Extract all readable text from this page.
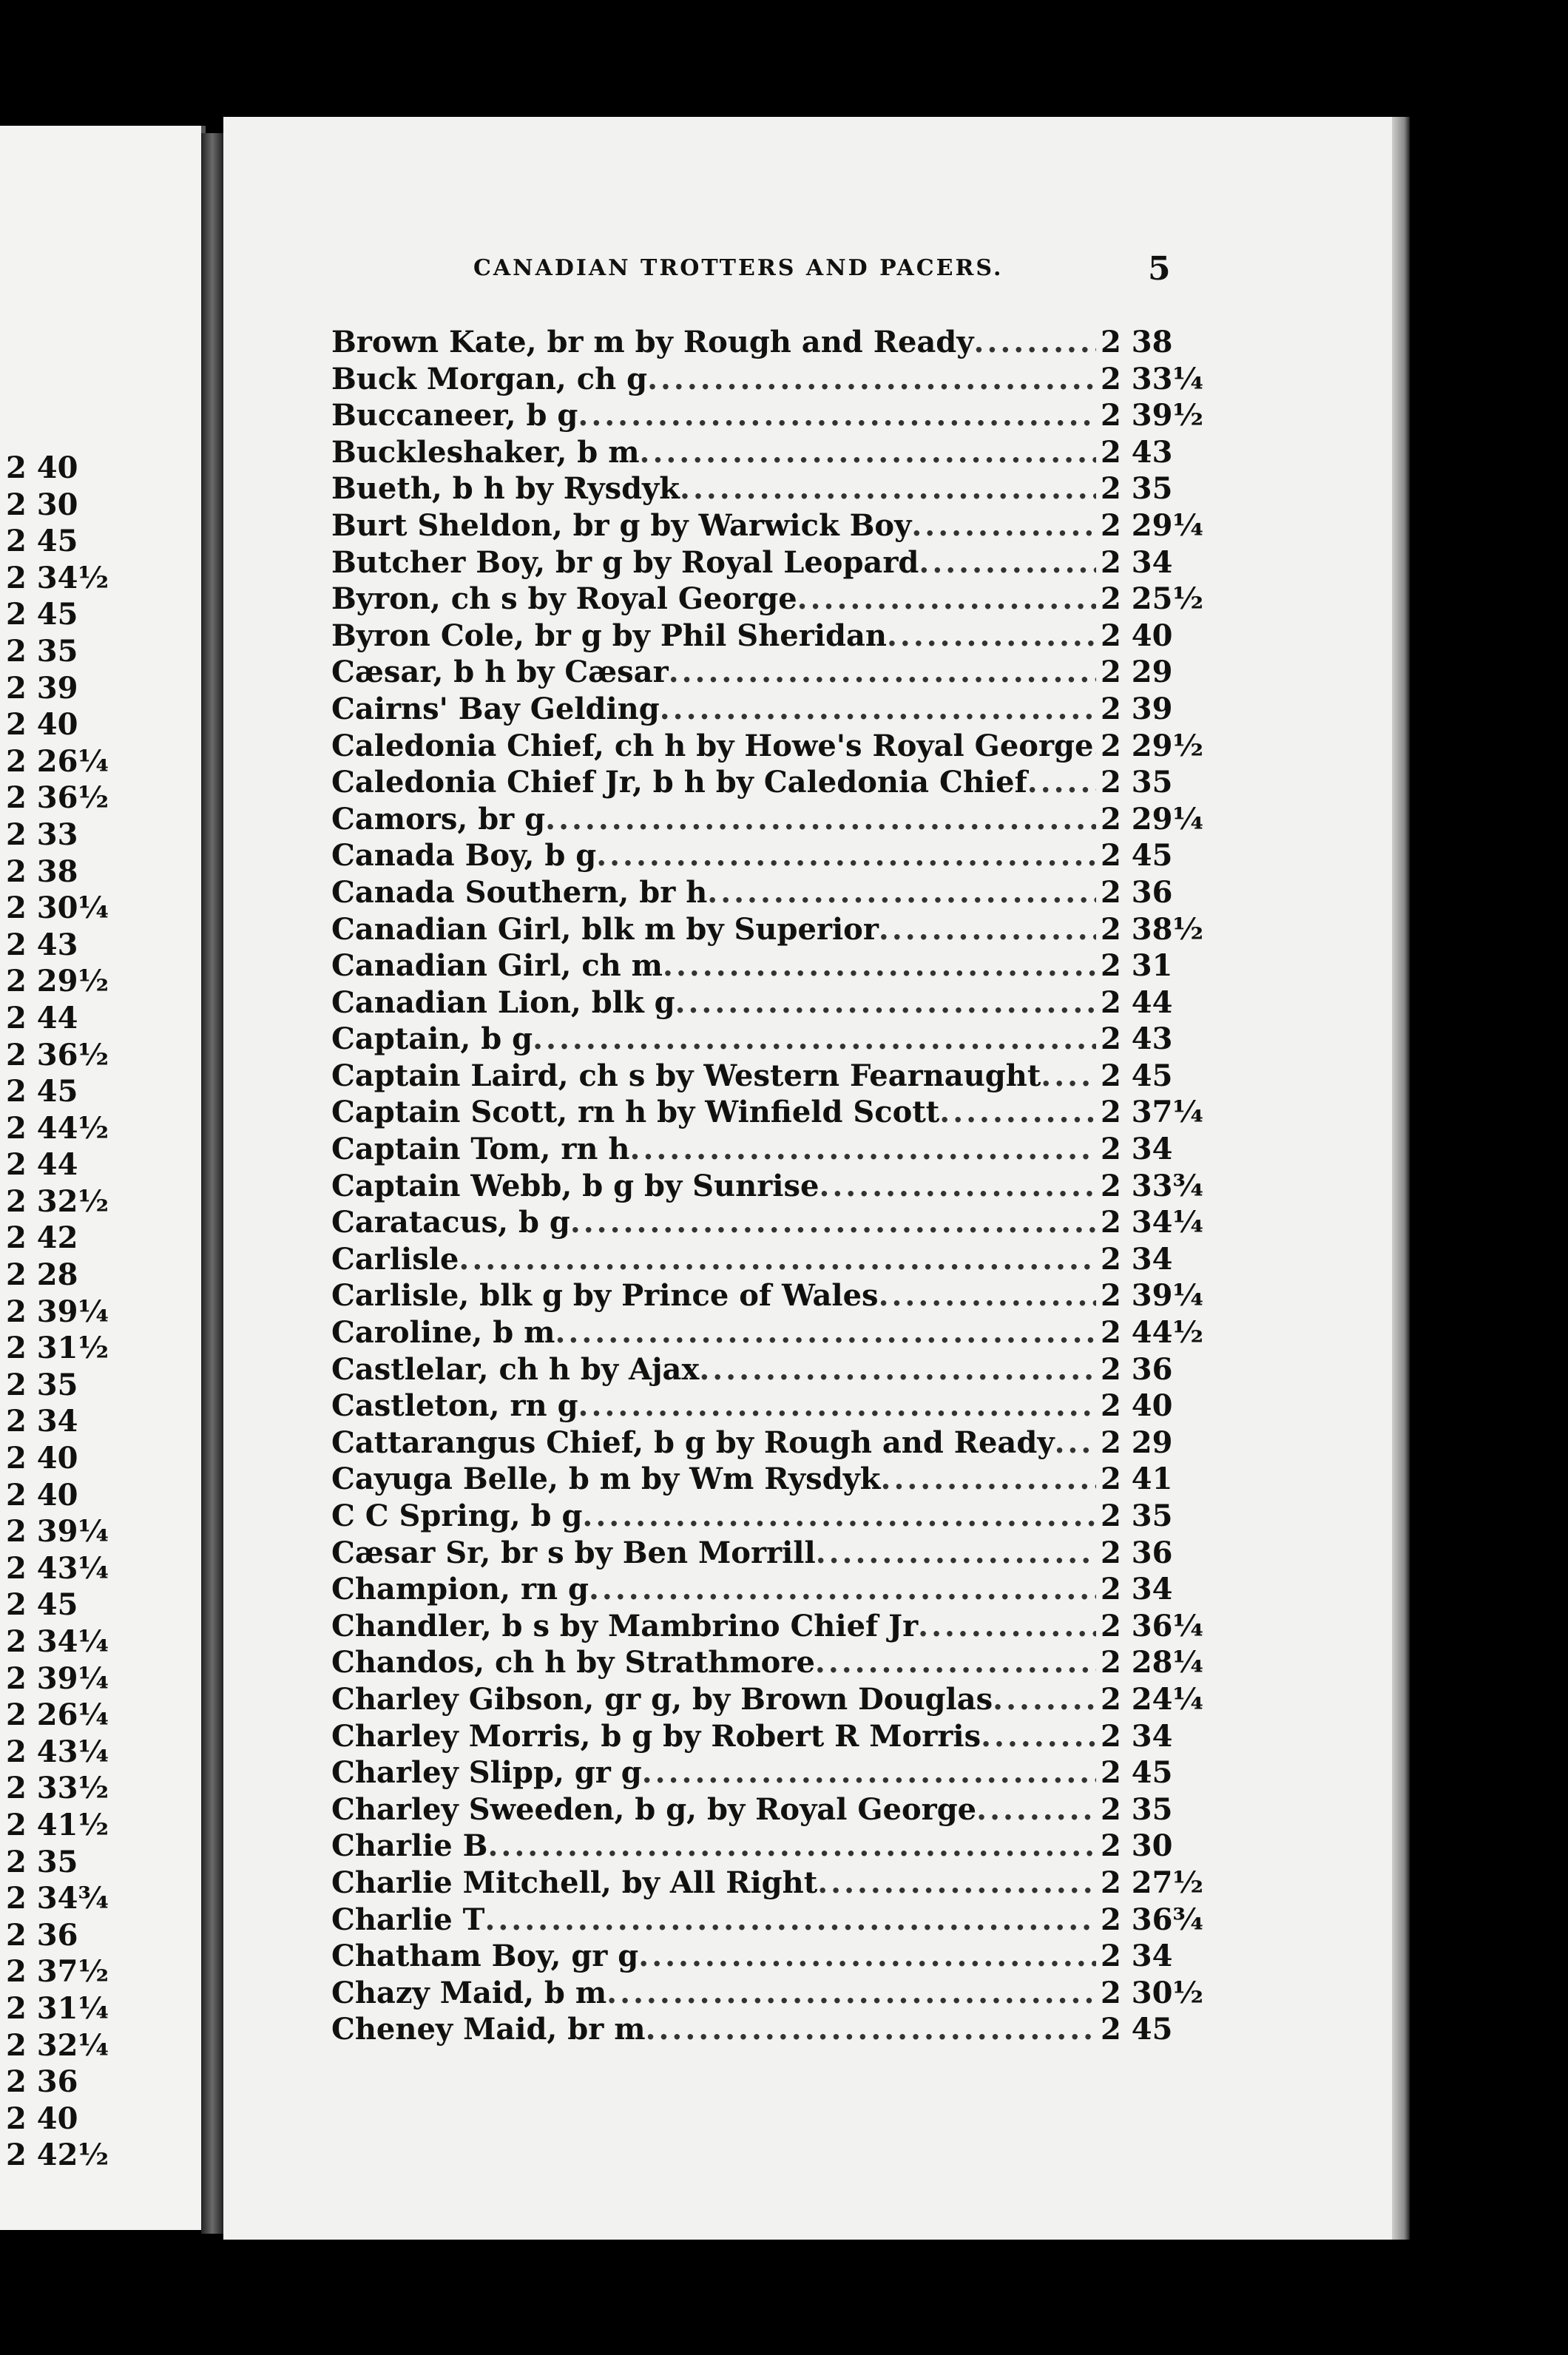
2 40
2 30
2 45
2 34½
2 45
2 35
2 39
2 40
2 26¼
2 36½
2 33
2 38
2 30¼
2 43
2 29½
2 44
2 36½
2 45
2 44½
2 44
2 32½
2 42
2 28
2 39¼
2 31½
2 35
2 34
2 40
2 40
2 39¼
2 43¼
2 45
2 34¼
2 39¼
2 26¼
2 43¼
2 33½
2 41½
2 35
2 34¾
2 36
2 37½
2 31¼
2 32¼
2 36
2 40
2 42½
CANADIAN TROTTERS AND PACERS.	5
Brown Kate, br m by Rough and Ready .....	2 38
Buck Morgan, ch g .....	2 33¼
Buccaneer, b g .....	2 39½
Buckleshaker, b m .....	2 43
Bueth, b h by Rysdyk .....	2 35
Burt Sheldon, br g by Warwick Boy .....	2 29¼
Butcher Boy, br g by Royal Leopard .....	2 34
Byron, ch s by Royal George .....	2 25½
Byron Cole, br g by Phil Sheridan .....	2 40
Cæsar, b h by Cæsar .....	2 29
Cairns' Bay Gelding .....	2 39
Caledonia Chief, ch h by Howe's Royal George ..... 2 29½
Caledonia Chief Jr, b h by Caledonia Chief ..... 2 35
Camors, br g .....	2 29¼
Canada Boy, b g .....	2 45
Canada Southern, br h .....	2 36
Canadian Girl, blk m by Superior .....	2 38½
Canadian Girl, ch m .....	2 31
Canadian Lion, blk g .....	2 44
Captain, b g .....	2 43
Captain Laird, ch s by Western Fearnaught ..... 2 45
Captain Scott, rn h by Winfield Scott .....	2 37¼
Captain Tom, rn h .....	2 34
Captain Webb, b g by Sunrise .....	2 33¾
Caratacus, b g .....	2 34¼
Carlisle .....	2 34
Carlisle, blk g by Prince of Wales .....	2 39¼
Caroline, b m .....	2 44½
Castlelar, ch h by Ajax .....	2 36
Castleton, rn g .....	2 40
Cattarangus Chief, b g by Rough and Ready ..... 2 29
Cayuga Belle, b m by Wm Rysdyk .....	2 41
C C Spring, b g .....	2 35
Cæsar Sr, br s by Ben Morrill .....	2 36
Champion, rn g .....	2 34
Chandler, b s by Mambrino Chief Jr .....	2 36¼
Chandos, ch h by Strathmore .....	2 28¼
Charley Gibson, gr g, by Brown Douglas .....	2 24¼
Charley Morris, b g by Robert R Morris .....	2 34
Charley Slipp, gr g .....	2 45
Charley Sweeden, b g, by Royal George .....	2 35
Charlie B .....	2 30
Charlie Mitchell, by All Right .....	2 27½
Charlie T .....	2 36¾
Chatham Boy, gr g .....	2 34
Chazy Maid, b m .....	2 30½
Cheney Maid, br m .....	2 45
